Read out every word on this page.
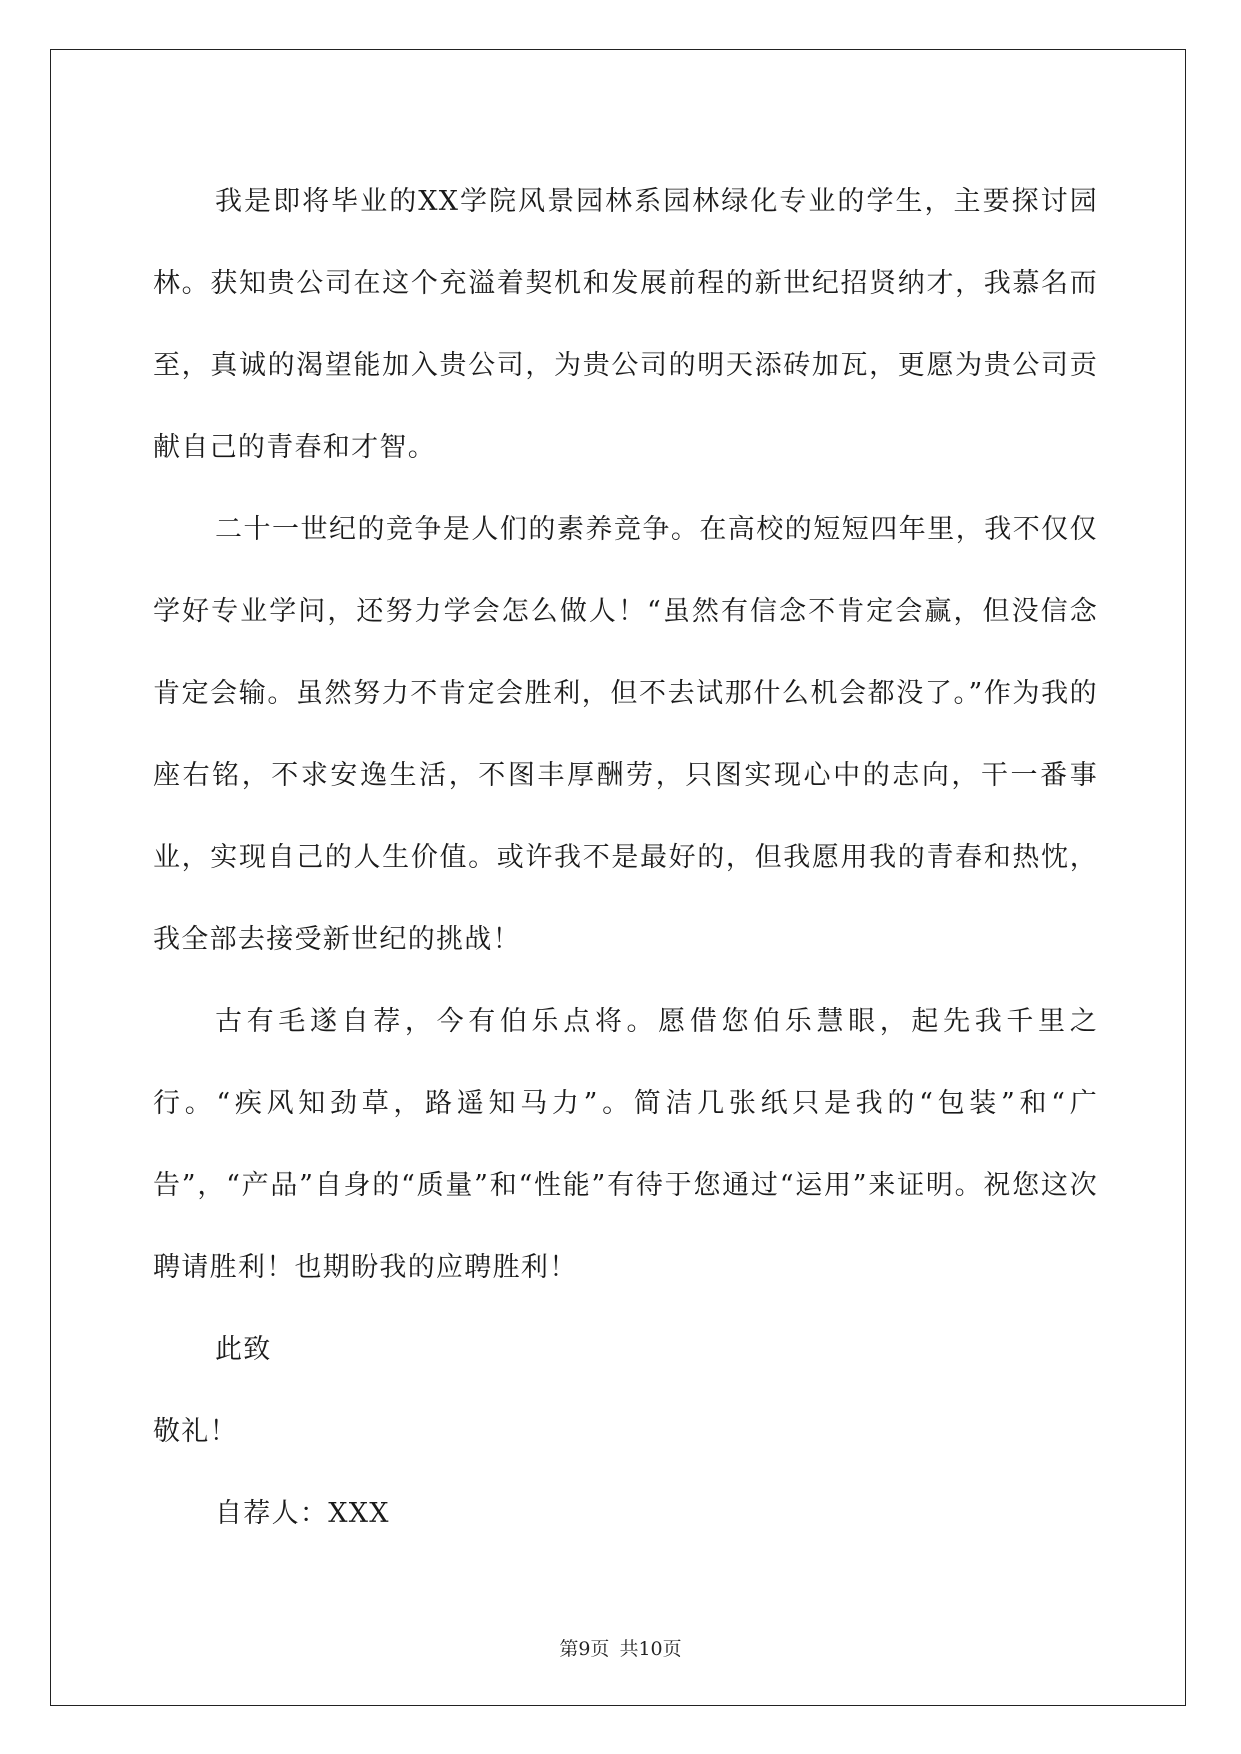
我是即将毕业的XX学院风景园林系园林绿化专业的学生，主要探讨园林。获知贵公司在这个充溢着契机和发展前程的新世纪招贤纳才，我慕名而至，真诚的渴望能加入贵公司，为贵公司的明天添砖加瓦，更愿为贵公司贡献自己的青春和才智。

二十一世纪的竞争是人们的素养竞争。在高校的短短四年里，我不仅仅学好专业学问，还努力学会怎么做人！“虽然有信念不肯定会赢，但没信念肯定会输。虽然努力不肯定会胜利，但不去试那什么机会都没了。”作为我的座右铭，不求安逸生活，不图丰厚酬劳，只图实现心中的志向，干一番事业，实现自己的人生价值。或许我不是最好的，但我愿用我的青春和热忱，我全部去接受新世纪的挑战！

古有毛遂自荐，今有伯乐点将。愿借您伯乐慧眼，起先我千里之行。“疾风知劲草，路遥知马力”。简洁几张纸只是我的“包装”和“广告”，“产品”自身的“质量”和“性能”有待于您通过“运用”来证明。祝您这次聘请胜利！也期盼我的应聘胜利！

此致

敬礼！

自荐人：XXX

第9页 共10页
